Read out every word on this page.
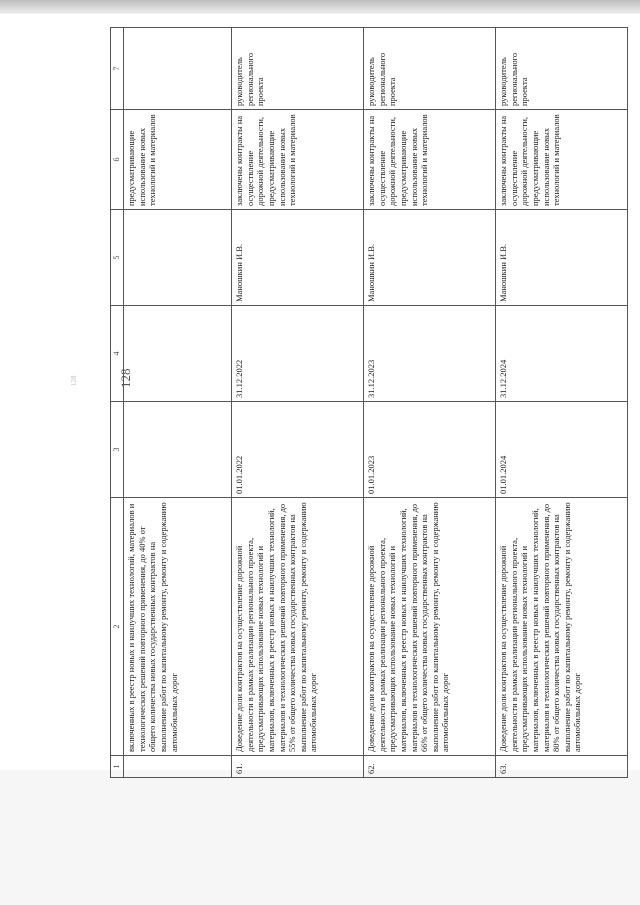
128
128
1	2	3	4	5	6	7
	включенных в реестр новых и наилучших технологий, материалов и технологических решений повторного применения, до 40% от общего количества новых государственных контрактов на выполнение работ по капитальному ремонту, ремонту и содержанию автомобильных дорог				предусматривающие использование новых технологий и материалов	
61.	Доведение доли контрактов на осуществление дорожной деятельности в рамках реализации регионального проекта, предусматривающих использование новых технологий и материалов, включенных в реестр новых и наилучших технологий, материалов и технологических решений повторного применения, до 55% от общего количества новых государственных контрактов на выполнение работ по капитальному ремонту, ремонту и содержанию автомобильных дорог	01.01.2022	31.12.2022	Маношкин И.В.	заключены контракты на осуществление дорожной деятельности, предусматривающие использование новых технологий и материалов	руководитель регионального проекта
62.	Доведение доли контрактов на осуществление дорожной деятельности в рамках реализации регионального проекта, предусматривающих использование новых технологий и материалов, включенных в реестр новых и наилучших технологий, материалов и технологических решений повторного применения, до 66% от общего количества новых государственных контрактов на выполнение работ по капитальному ремонту, ремонту и содержанию автомобильных дорог	01.01.2023	31.12.2023	Маношкин И.В.	заключены контракты на осуществление дорожной деятельности, предусматривающие использование новых технологий и материалов	руководитель регионального проекта
63.	Доведение доли контрактов на осуществление дорожной деятельности в рамках реализации регионального проекта, предусматривающих использование новых технологий и материалов, включенных в реестр новых и наилучших технологий, материалов и технологических решений повторного применения, до 80% от общего количества новых государственных контрактов на выполнение работ по капитальному ремонту, ремонту и содержанию автомобильных дорог	01.01.2024	31.12.2024	Маношкин И.В.	заключены контракты на осуществление дорожной деятельности, предусматривающие использование новых технологий и материалов	руководитель регионального проекта
